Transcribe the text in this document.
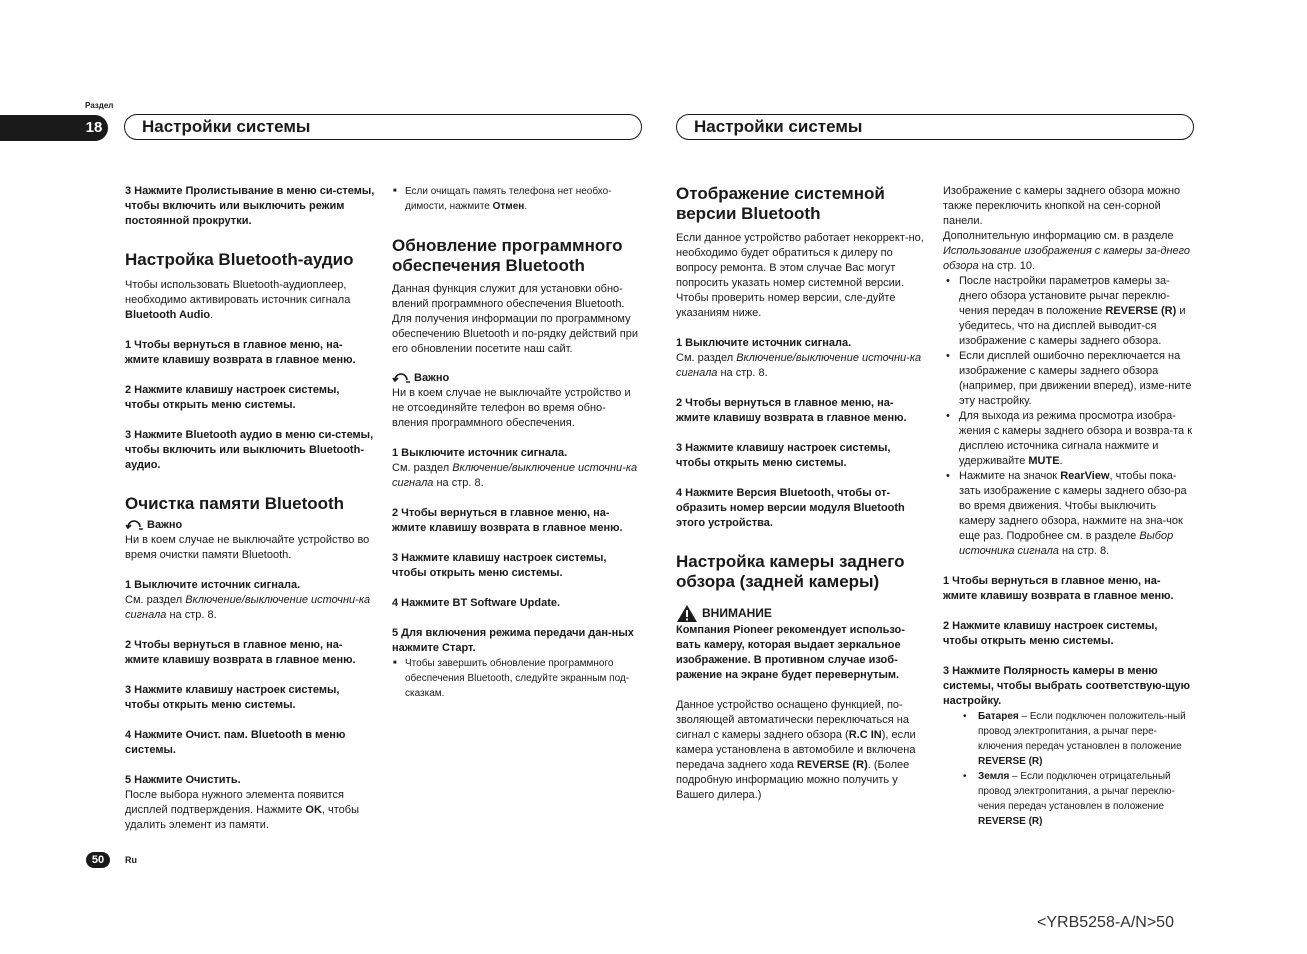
Раздел
18	Настройки системы	Настройки системы

3 Нажмите Пролистывание в меню си-стемы, чтобы включить или выключить режим постоянной прокрутки.

Настройка Bluetooth-аудио

Чтобы использовать Bluetooth-аудиоплеер, необходимо активировать источник сигнала Bluetooth Audio.

1 Чтобы вернуться в главное меню, на-жмите клавишу возврата в главное меню.

2 Нажмите клавишу настроек системы, чтобы открыть меню системы.

3 Нажмите Bluetooth аудио в меню си-стемы, чтобы включить или выключить Bluetooth-аудио.

Очистка памяти Bluetooth

Важно

Ни в коем случае не выключайте устройство во время очистки памяти Bluetooth.

1 Выключите источник сигнала.

См. раздел Включение/выключение источни-ка сигнала на стр. 8.

2 Чтобы вернуться в главное меню, на-жмите клавишу возврата в главное меню.

3 Нажмите клавишу настроек системы, чтобы открыть меню системы.

4 Нажмите Очист. пам. Bluetooth в меню системы.

5 Нажмите Очистить.

После выбора нужного элемента появится дисплей подтверждения. Нажмите OK, чтобы удалить элемент из памяти.

■ Если очищать память телефона нет необхо-димости, нажмите Отмен.

Обновление программного обеспечения Bluetooth

Данная функция служит для установки обно-влений программного обеспечения Bluetooth. Для получения информации по программному обеспечению Bluetooth и по-рядку действий при его обновлении посетите наш сайт.

Важно

Ни в коем случае не выключайте устройство и не отсоединяйте телефон во время обно-вления программного обеспечения.

1 Выключите источник сигнала.

См. раздел Включение/выключение источни-ка сигнала на стр. 8.

2 Чтобы вернуться в главное меню, на-жмите клавишу возврата в главное меню.

3 Нажмите клавишу настроек системы, чтобы открыть меню системы.

4 Нажмите BT Software Update.

5 Для включения режима передачи дан-ных нажмите Старт.

■ Чтобы завершить обновление программного обеспечения Bluetooth, следуйте экранным под-сказкам.

Отображение системной версии Bluetooth

Если данное устройство работает некоррект-но, необходимо будет обратиться к дилеру по вопросу ремонта. В этом случае Вас могут попросить указать номер системной версии. Чтобы проверить номер версии, сле-дуйте указаниям ниже.

1 Выключите источник сигнала.

См. раздел Включение/выключение источни-ка сигнала на стр. 8.

2 Чтобы вернуться в главное меню, на-жмите клавишу возврата в главное меню.

3 Нажмите клавишу настроек системы, чтобы открыть меню системы.

4 Нажмите Версия Bluetooth, чтобы от-образить номер версии модуля Bluetooth этого устройства.

Настройка камеры заднего обзора (задней камеры)

ВНИМАНИЕ

Компания Pioneer рекомендует использо-вать камеру, которая выдает зеркальное изображение. В противном случае изоб-ражение на экране будет перевернутым.

Данное устройство оснащено функцией, по-зволяющей автоматически переключаться на сигнал с камеры заднего обзора (R.C IN), если камера установлена в автомобиле и включена передача заднего хода REVERSE (R). (Более подробную информацию можно получить у Вашего дилера.)

Изображение с камеры заднего обзора можно также переключить кнопкой на сен-сорной панели.

Дополнительную информацию см. в разделе Использование изображения с камеры за-днего обзора на стр. 10.

• После настройки параметров камеры за-днего обзора установите рычаг переклю-чения передач в положение REVERSE (R) и убедитесь, что на дисплей выводит-ся изображение с камеры заднего обзора.
• Если дисплей ошибочно переключается на изображение с камеры заднего обзора (например, при движении вперед), изме-ните эту настройку.
• Для выхода из режима просмотра изобра-жения с камеры заднего обзора и возвра-та к дисплею источника сигнала нажмите и удерживайте MUTE.
• Нажмите на значок RearView, чтобы пока-зать изображение с камеры заднего обзо-ра во время движения. Чтобы выключить камеру заднего обзора, нажмите на зна-чок еще раз. Подробнее см. в разделе Выбор источника сигнала на стр. 8.

1 Чтобы вернуться в главное меню, на-жмите клавишу возврата в главное меню.

2 Нажмите клавишу настроек системы, чтобы открыть меню системы.

3 Нажмите Полярность камеры в меню системы, чтобы выбрать соответствую-щую настройку.

• Батарея – Если подключен положитель-ный провод электропитания, а рычаг пере-ключения передач установлен в положение REVERSE (R)
• Земля – Если подключен отрицательный провод электропитания, а рычаг переклю-чения передач установлен в положение REVERSE (R)
50	Ru
<YRB5258-A/N>50
